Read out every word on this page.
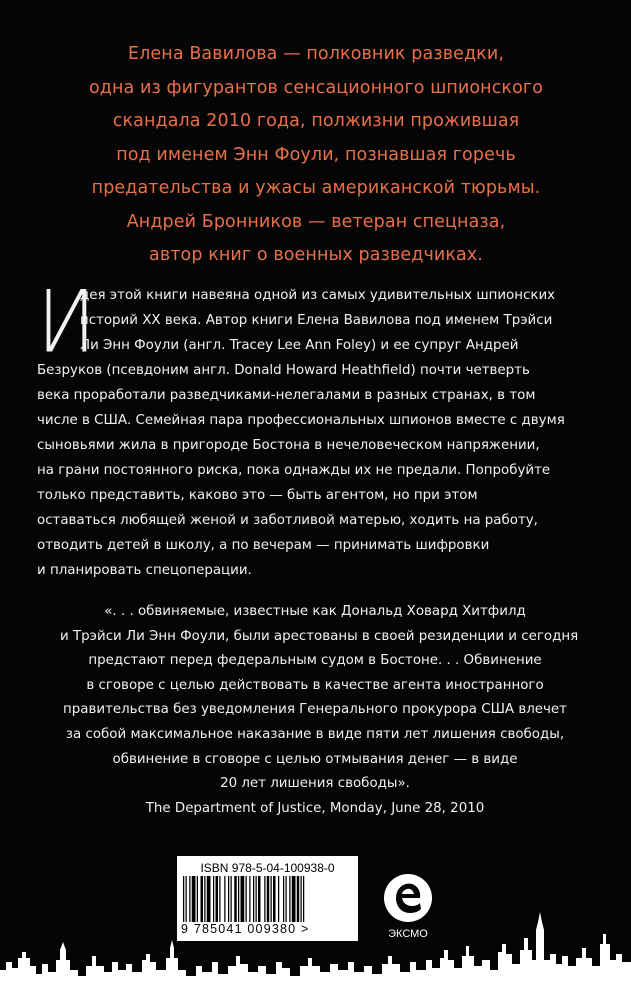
Елена Вавилова — полковник разведки,
одна из фигурантов сенсационного шпионского
скандала 2010 года, полжизни прожившая
под именем Энн Фоули, познавшая горечь
предательства и ужасы американской тюрьмы.
Андрей Бронников — ветеран спецназа,
автор книг о военных разведчиках.
И
дея этой книги навеяна одной из самых удивительных шпионских
историй XX века. Автор книги Елена Вавилова под именем Трэйси
Ли Энн Фоули (англ. Tracey Lee Ann Foley) и ее супруг Андрей
Безруков (псевдоним англ. Donald Howard Heathfield) почти четверть
века проработали разведчиками-нелегалами в разных странах, в том
числе в США. Семейная пара профессиональных шпионов вместе с двумя
сыновьями жила в пригороде Бостона в нечеловеческом напряжении,
на грани постоянного риска, пока однажды их не предали. Попробуйте
только представить, каково это — быть агентом, но при этом
оставаться любящей женой и заботливой матерью, ходить на работу,
отводить детей в школу, а по вечерам — принимать шифровки
и планировать спецоперации.
«. . . обвиняемые, известные как Дональд Ховард Хитфилд
и Трэйси Ли Энн Фоули, были арестованы в своей резиденции и сегодня
предстают перед федеральным судом в Бостоне. . . Обвинение
в сговоре с целью действовать в качестве агента иностранного
правительства без уведомления Генерального прокурора США влечет
за собой максимальное наказание в виде пяти лет лишения свободы,
обвинение в сговоре с целью отмывания денег — в виде
20 лет лишения свободы».
The Department of Justice, Monday, June 28, 2010
ISBN 978-5-04-100938-0
9 785041 009380 >	ЭКСМО
